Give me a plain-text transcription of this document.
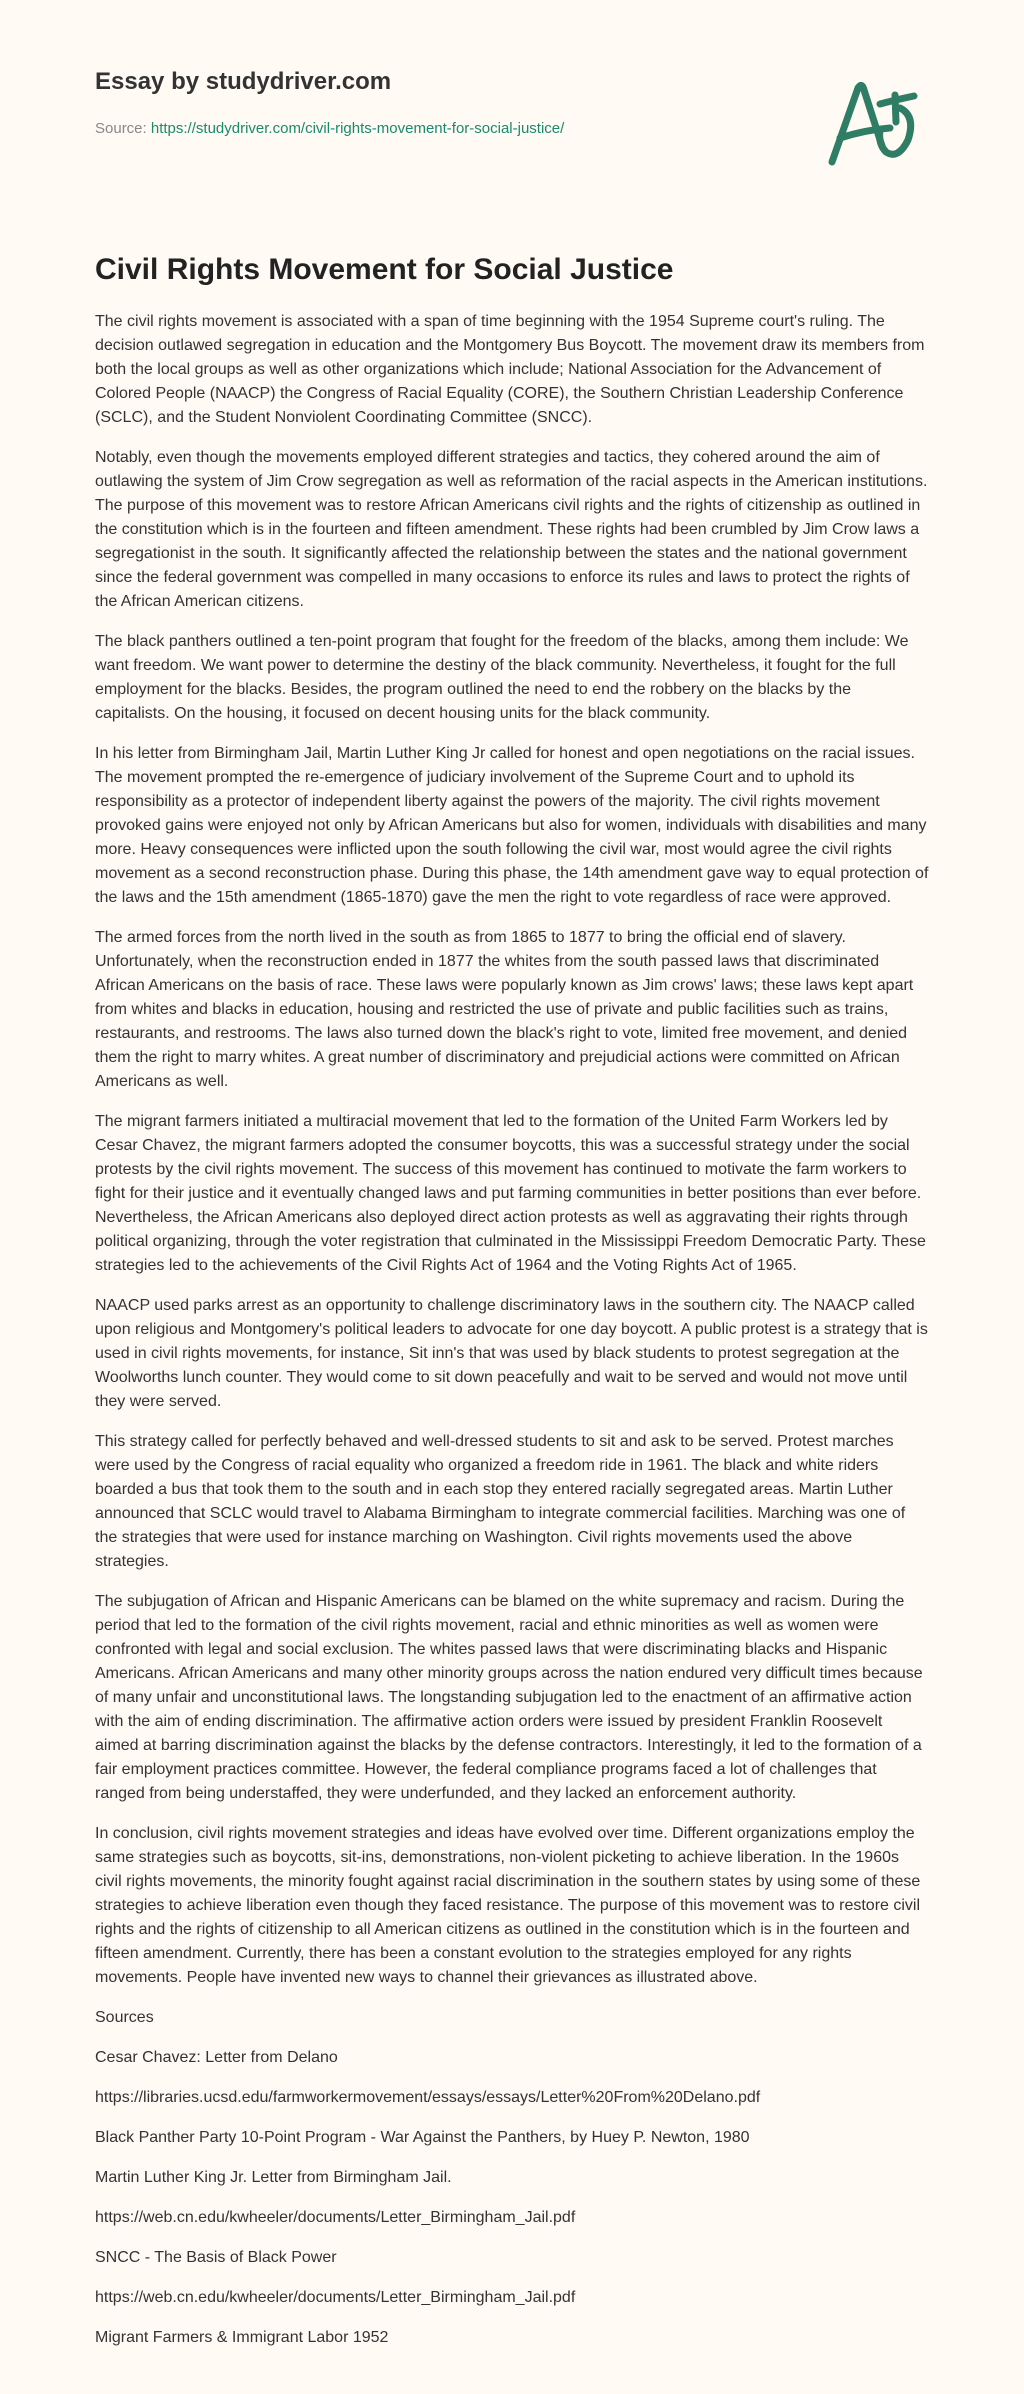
Essay by studydriver.com
Source: https://studydriver.com/civil-rights-movement-for-social-justice/
Civil Rights Movement for Social Justice

The civil rights movement is associated with a span of time beginning with the 1954 Supreme court's ruling. The decision outlawed segregation in education and the Montgomery Bus Boycott. The movement draw its members from both the local groups as well as other organizations which include; National Association for the Advancement of Colored People (NAACP) the Congress of Racial Equality (CORE), the Southern Christian Leadership Conference (SCLC), and the Student Nonviolent Coordinating Committee (SNCC).

Notably, even though the movements employed different strategies and tactics, they cohered around the aim of outlawing the system of Jim Crow segregation as well as reformation of the racial aspects in the American institutions. The purpose of this movement was to restore African Americans civil rights and the rights of citizenship as outlined in the constitution which is in the fourteen and fifteen amendment. These rights had been crumbled by Jim Crow laws a segregationist in the south. It significantly affected the relationship between the states and the national government since the federal government was compelled in many occasions to enforce its rules and laws to protect the rights of the African American citizens.

The black panthers outlined a ten-point program that fought for the freedom of the blacks, among them include: We want freedom. We want power to determine the destiny of the black community. Nevertheless, it fought for the full employment for the blacks. Besides, the program outlined the need to end the robbery on the blacks by the capitalists. On the housing, it focused on decent housing units for the black community.

In his letter from Birmingham Jail, Martin Luther King Jr called for honest and open negotiations on the racial issues. The movement prompted the re-emergence of judiciary involvement of the Supreme Court and to uphold its responsibility as a protector of independent liberty against the powers of the majority. The civil rights movement provoked gains were enjoyed not only by African Americans but also for women, individuals with disabilities and many more. Heavy consequences were inflicted upon the south following the civil war, most would agree the civil rights movement as a second reconstruction phase. During this phase, the 14th amendment gave way to equal protection of the laws and the 15th amendment (1865-1870) gave the men the right to vote regardless of race were approved.

The armed forces from the north lived in the south as from 1865 to 1877 to bring the official end of slavery. Unfortunately, when the reconstruction ended in 1877 the whites from the south passed laws that discriminated African Americans on the basis of race. These laws were popularly known as Jim crows' laws; these laws kept apart from whites and blacks in education, housing and restricted the use of private and public facilities such as trains, restaurants, and restrooms. The laws also turned down the black's right to vote, limited free movement, and denied them the right to marry whites. A great number of discriminatory and prejudicial actions were committed on African Americans as well.

The migrant farmers initiated a multiracial movement that led to the formation of the United Farm Workers led by Cesar Chavez, the migrant farmers adopted the consumer boycotts, this was a successful strategy under the social protests by the civil rights movement. The success of this movement has continued to motivate the farm workers to fight for their justice and it eventually changed laws and put farming communities in better positions than ever before. Nevertheless, the African Americans also deployed direct action protests as well as aggravating their rights through political organizing, through the voter registration that culminated in the Mississippi Freedom Democratic Party. These strategies led to the achievements of the Civil Rights Act of 1964 and the Voting Rights Act of 1965.

NAACP used parks arrest as an opportunity to challenge discriminatory laws in the southern city. The NAACP called upon religious and Montgomery's political leaders to advocate for one day boycott. A public protest is a strategy that is used in civil rights movements, for instance, Sit inn's that was used by black students to protest segregation at the Woolworths lunch counter. They would come to sit down peacefully and wait to be served and would not move until they were served.

This strategy called for perfectly behaved and well-dressed students to sit and ask to be served. Protest marches were used by the Congress of racial equality who organized a freedom ride in 1961. The black and white riders boarded a bus that took them to the south and in each stop they entered racially segregated areas. Martin Luther announced that SCLC would travel to Alabama Birmingham to integrate commercial facilities. Marching was one of the strategies that were used for instance marching on Washington. Civil rights movements used the above strategies.

The subjugation of African and Hispanic Americans can be blamed on the white supremacy and racism. During the period that led to the formation of the civil rights movement, racial and ethnic minorities as well as women were confronted with legal and social exclusion. The whites passed laws that were discriminating blacks and Hispanic Americans. African Americans and many other minority groups across the nation endured very difficult times because of many unfair and unconstitutional laws. The longstanding subjugation led to the enactment of an affirmative action with the aim of ending discrimination. The affirmative action orders were issued by president Franklin Roosevelt aimed at barring discrimination against the blacks by the defense contractors. Interestingly, it led to the formation of a fair employment practices committee. However, the federal compliance programs faced a lot of challenges that ranged from being understaffed, they were underfunded, and they lacked an enforcement authority.

In conclusion, civil rights movement strategies and ideas have evolved over time. Different organizations employ the same strategies such as boycotts, sit-ins, demonstrations, non-violent picketing to achieve liberation. In the 1960s civil rights movements, the minority fought against racial discrimination in the southern states by using some of these strategies to achieve liberation even though they faced resistance. The purpose of this movement was to restore civil rights and the rights of citizenship to all American citizens as outlined in the constitution which is in the fourteen and fifteen amendment. Currently, there has been a constant evolution to the strategies employed for any rights movements. People have invented new ways to channel their grievances as illustrated above.

Sources

Cesar Chavez: Letter from Delano

https://libraries.ucsd.edu/farmworkermovement/essays/essays/Letter%20From%20Delano.pdf

Black Panther Party 10-Point Program - War Against the Panthers, by Huey P. Newton, 1980

Martin Luther King Jr. Letter from Birmingham Jail.

https://web.cn.edu/kwheeler/documents/Letter_Birmingham_Jail.pdf

SNCC - The Basis of Black Power

https://web.cn.edu/kwheeler/documents/Letter_Birmingham_Jail.pdf

Migrant Farmers & Immigrant Labor 1952
